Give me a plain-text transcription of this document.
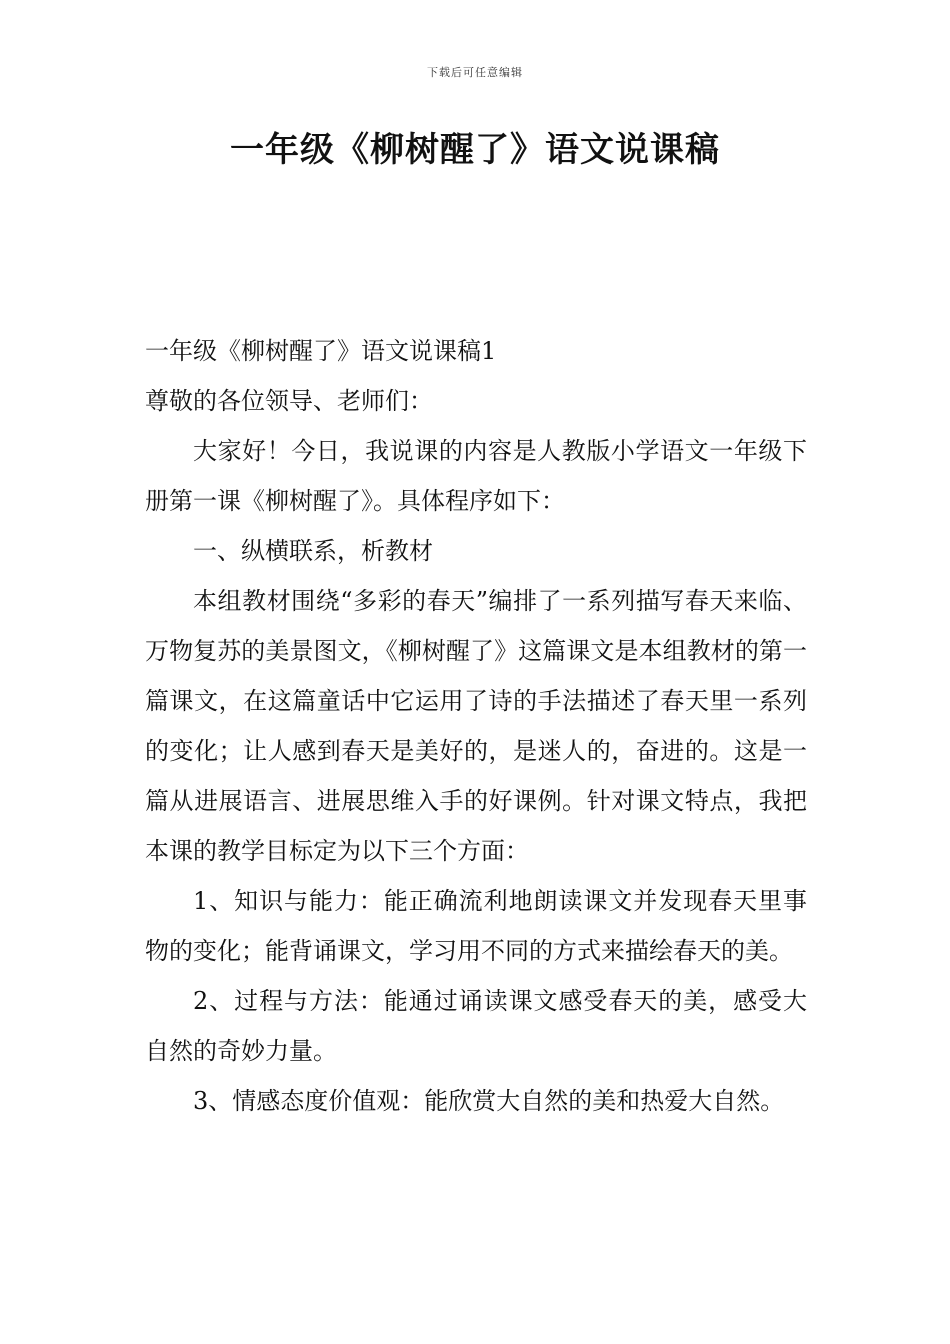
下载后可任意编辑
一年级《柳树醒了》语文说课稿

一年级《柳树醒了》语文说课稿1

尊敬的各位领导、老师们：

大家好！今日，我说课的内容是人教版小学语文一年级下册第一课《柳树醒了》。具体程序如下：

一、纵横联系，析教材

本组教材围绕“多彩的春天”编排了一系列描写春天来临、万物复苏的美景图文，《柳树醒了》这篇课文是本组教材的第一篇课文，在这篇童话中它运用了诗的手法描述了春天里一系列的变化；让人感到春天是美好的，是迷人的，奋进的。这是一篇从进展语言、进展思维入手的好课例。针对课文特点，我把本课的教学目标定为以下三个方面：

1、知识与能力：能正确流利地朗读课文并发现春天里事物的变化；能背诵课文，学习用不同的方式来描绘春天的美。

2、过程与方法：能通过诵读课文感受春天的美，感受大自然的奇妙力量。

3、情感态度价值观：能欣赏大自然的美和热爱大自然。
